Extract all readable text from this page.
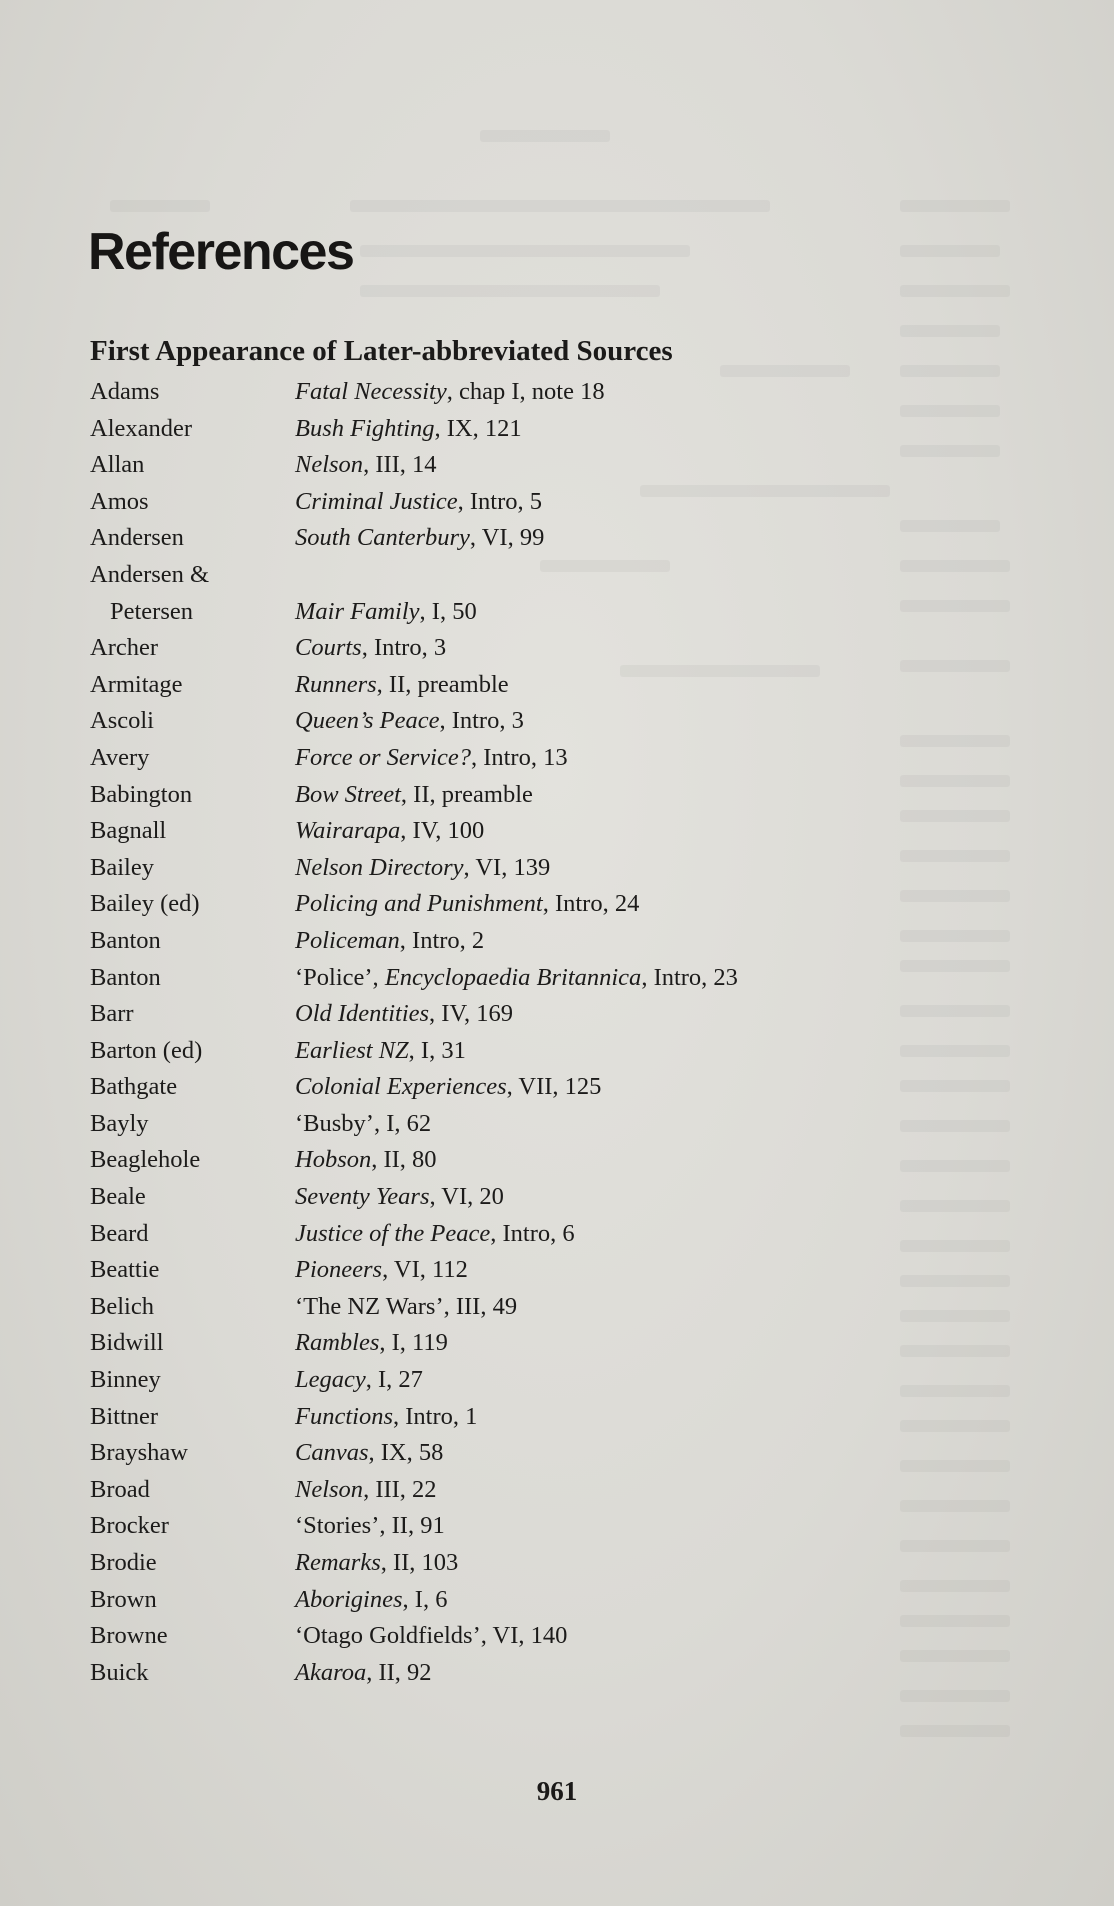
References
First Appearance of Later-abbreviated Sources
Adams	Fatal Necessity, chap I, note 18
Alexander	Bush Fighting, IX, 121
Allan	Nelson, III, 14
Amos	Criminal Justice, Intro, 5
Andersen	South Canterbury, VI, 99
Andersen &
Petersen	Mair Family, I, 50
Archer	Courts, Intro, 3
Armitage	Runners, II, preamble
Ascoli	Queen’s Peace, Intro, 3
Avery	Force or Service?, Intro, 13
Babington	Bow Street, II, preamble
Bagnall	Wairarapa, IV, 100
Bailey	Nelson Directory, VI, 139
Bailey (ed)	Policing and Punishment, Intro, 24
Banton	Policeman, Intro, 2
Banton	‘Police’, Encyclopaedia Britannica, Intro, 23
Barr	Old Identities, IV, 169
Barton (ed)	Earliest NZ, I, 31
Bathgate	Colonial Experiences, VII, 125
Bayly	‘Busby’, I, 62
Beaglehole	Hobson, II, 80
Beale	Seventy Years, VI, 20
Beard	Justice of the Peace, Intro, 6
Beattie	Pioneers, VI, 112
Belich	‘The NZ Wars’, III, 49
Bidwill	Rambles, I, 119
Binney	Legacy, I, 27
Bittner	Functions, Intro, 1
Brayshaw	Canvas, IX, 58
Broad	Nelson, III, 22
Brocker	‘Stories’, II, 91
Brodie	Remarks, II, 103
Brown	Aborigines, I, 6
Browne	‘Otago Goldfields’, VI, 140
Buick	Akaroa, II, 92
961
